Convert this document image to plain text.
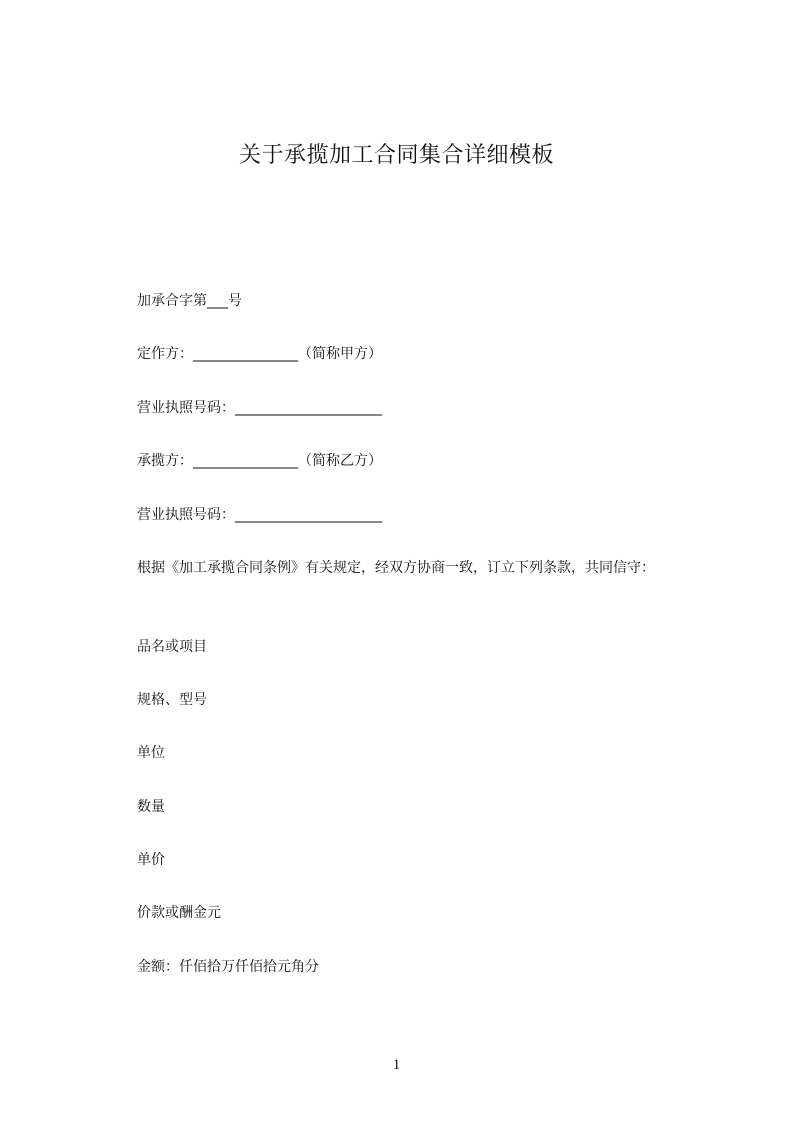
关于承揽加工合同集合详细模板
加承合字第___号
定作方：_______________（简称甲方）
营业执照号码：_____________________
承揽方：_______________（简称乙方）
营业执照号码：_____________________
根据《加工承揽合同条例》有关规定，经双方协商一致，订立下列条款，共同信守：
品名或项目
规格、型号
单位
数量
单价
价款或酬金元
金额：仟佰拾万仟佰拾元角分
1
